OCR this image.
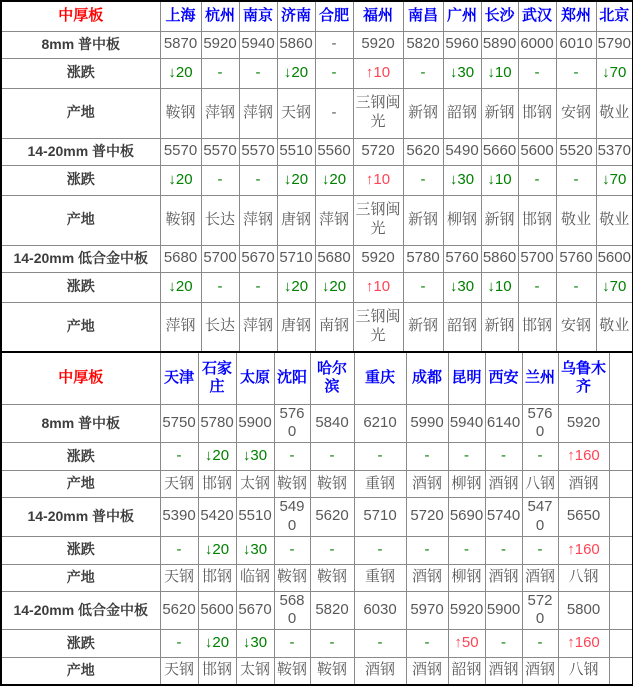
中厚板	上海	杭州	南京	济南	合肥	福州	南昌	广州	长沙	武汉	郑州	北京
8mm 普中板	5870	5920	5940	5860	-	5920	5820	5960	5890	6000	6010	5790
涨跌	↓20	-	-	↓20	-	↑10	-	↓30	↓10	-	-	↓70
产地	鞍钢	萍钢	萍钢	天钢	-	三钢闽光	新钢	韶钢	新钢	邯钢	安钢	敬业
14-20mm 普中板	5570	5570	5570	5510	5560	5720	5620	5490	5660	5600	5520	5370
涨跌	↓20	-	-	↓20	↓20	↑10	-	↓30	↓10	-	-	↓70
产地	鞍钢	长达	萍钢	唐钢	萍钢	三钢闽光	新钢	柳钢	新钢	邯钢	敬业	敬业
14-20mm 低合金中板	5680	5700	5670	5710	5680	5920	5780	5760	5860	5700	5760	5600
涨跌	↓20	-	-	↓20	↓20	↑10	-	↓30	↓10	-	-	↓70
产地	萍钢	长达	萍钢	唐钢	南钢	三钢闽光	新钢	韶钢	新钢	邯钢	安钢	敬业
中厚板	天津	石家庄	太原	沈阳	哈尔滨	重庆	成都	昆明	西安	兰州	乌鲁木齐	
8mm 普中板	5750	5780	5900	5760	5840	6210	5990	5940	6140	5760	5920	
涨跌	-	↓20	↓30	-	-	-	-	-	-	-	↑160	
产地	天钢	邯钢	太钢	鞍钢	鞍钢	重钢	酒钢	柳钢	酒钢	八钢	酒钢	
14-20mm 普中板	5390	5420	5510	5490	5620	5710	5720	5690	5740	5470	5650	
涨跌	-	↓20	↓30	-	-	-	-	-	-	-	↑160	
产地	天钢	邯钢	临钢	鞍钢	鞍钢	重钢	酒钢	柳钢	酒钢	酒钢	八钢	
14-20mm 低合金中板	5620	5600	5670	5680	5820	6030	5970	5920	5900	5720	5800	
涨跌	-	↓20	↓30	-	-	-	-	↑50	-	-	↑160	
产地	天钢	邯钢	太钢	鞍钢	鞍钢	酒钢	酒钢	韶钢	酒钢	酒钢	八钢	
